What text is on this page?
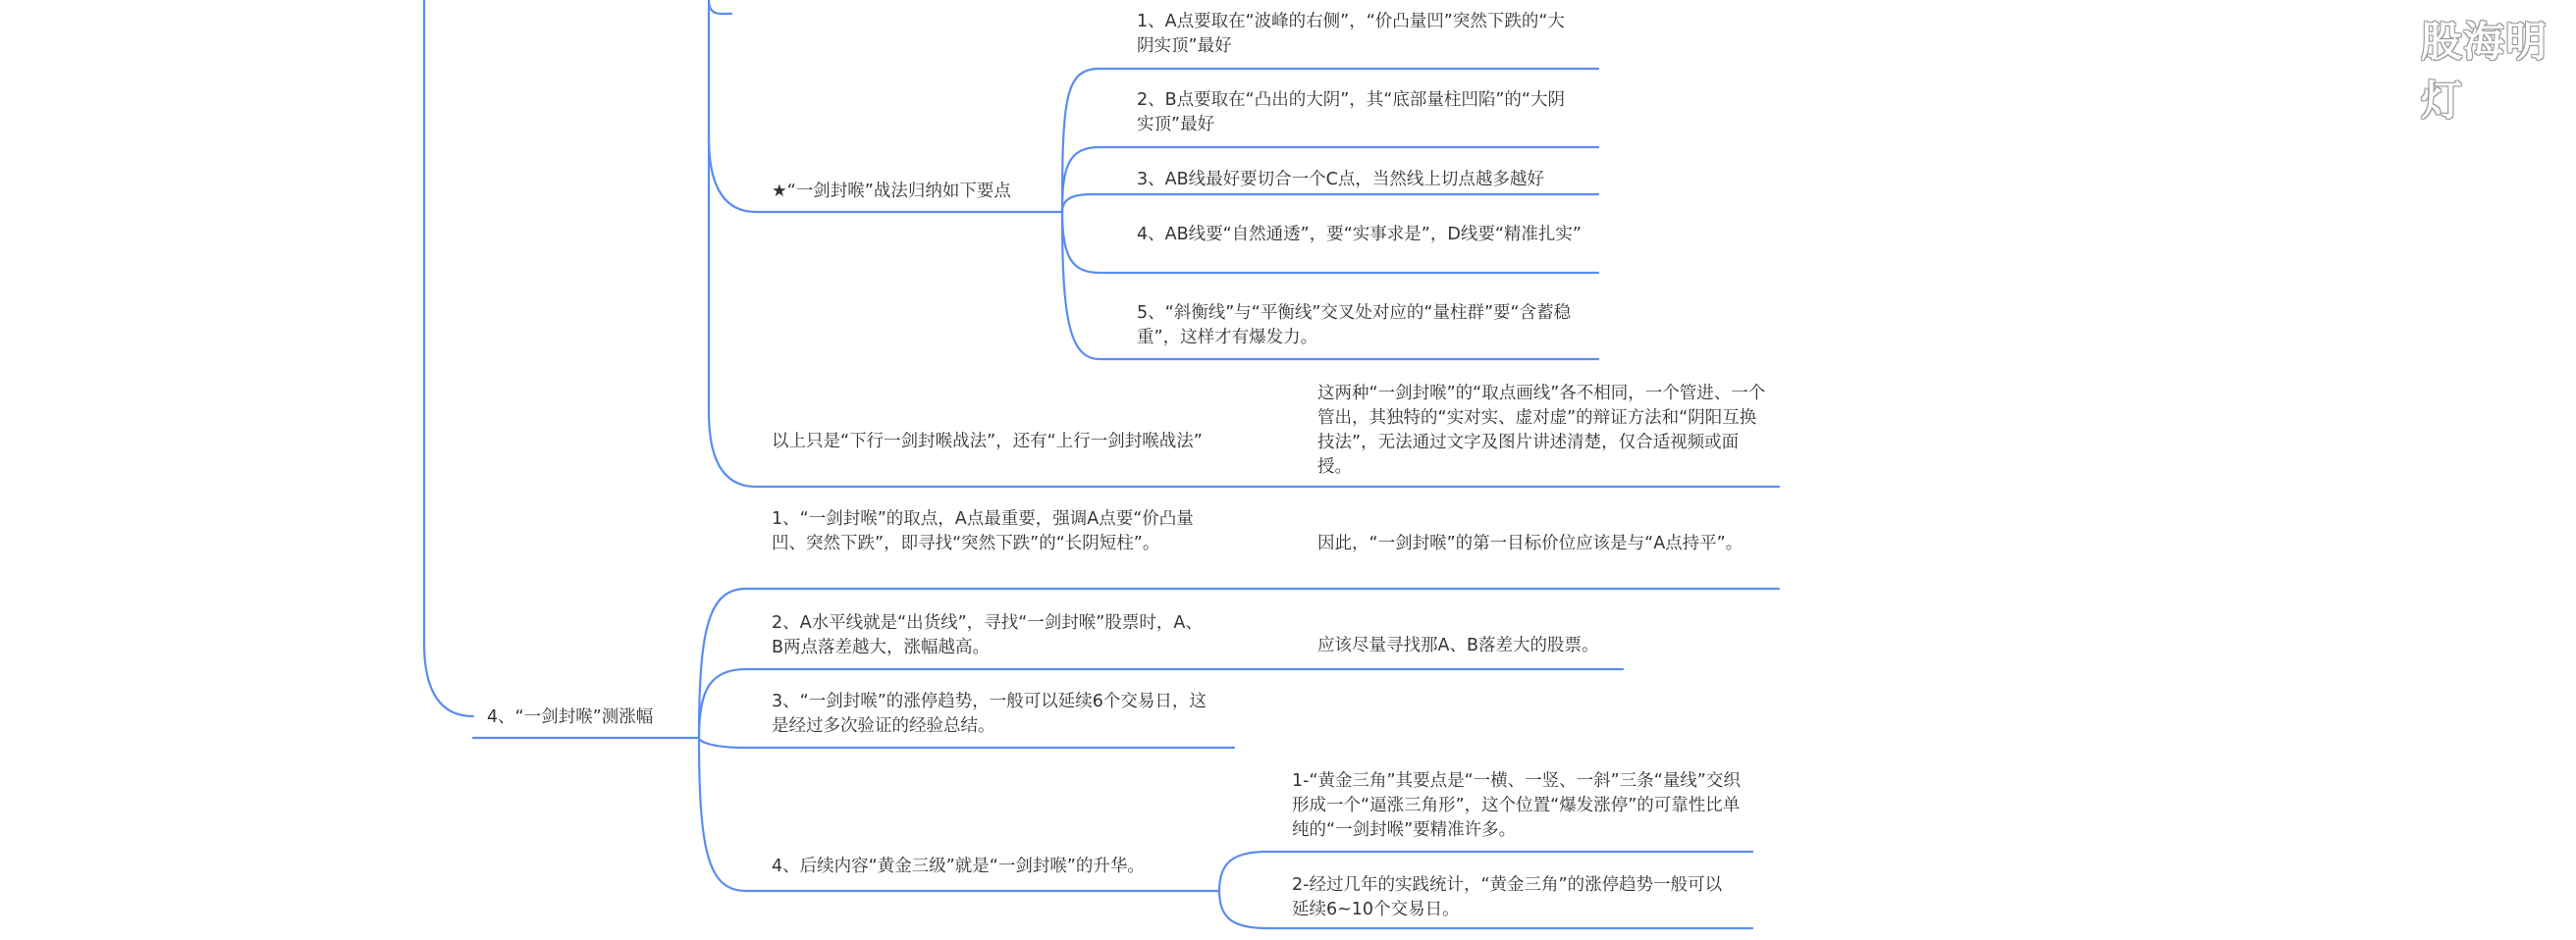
★“一剑封喉”战法归纳如下要点
1、A点要取在“波峰的右侧”，“价凸量凹”突然下跌的“大阴实顶”最好
2、B点要取在“凸出的大阴”，其“底部量柱凹陷”的“大阴实顶”最好
3、AB线最好要切合一个C点，当然线上切点越多越好
4、AB线要“自然通透”，要“实事求是”，D线要“精准扎实”
5、“斜衡线”与“平衡线”交叉处对应的“量柱群”要“含蓄稳重”，这样才有爆发力。
以上只是“下行一剑封喉战法”，还有“上行一剑封喉战法”
这两种“一剑封喉”的“取点画线”各不相同，一个管进、一个管出，其独特的“实对实、虚对虚”的辩证方法和“阴阳互换技法”，无法通过文字及图片讲述清楚，仅合适视频或面授。
4、“一剑封喉”测涨幅
1、“一剑封喉”的取点，A点最重要，强调A点要“价凸量凹、突然下跌”，即寻找“突然下跌”的“长阴短柱”。	因此，“一剑封喉”的第一目标价位应该是与“A点持平”。
2、A水平线就是“出货线”，寻找“一剑封喉”股票时，A、B两点落差越大，涨幅越高。	应该尽量寻找那A、B落差大的股票。
3、“一剑封喉”的涨停趋势，一般可以延续6个交易日，这是经过多次验证的经验总结。
4、后续内容“黄金三级”就是“一剑封喉”的升华。
1-“黄金三角”其要点是“一横、一竖、一斜”三条“量线”交织形成一个“逼涨三角形”，这个位置“爆发涨停”的可靠性比单纯的“一剑封喉”要精准许多。
2-经过几年的实践统计，“黄金三角”的涨停趋势一般可以延续6~10个交易日。
股海明灯
